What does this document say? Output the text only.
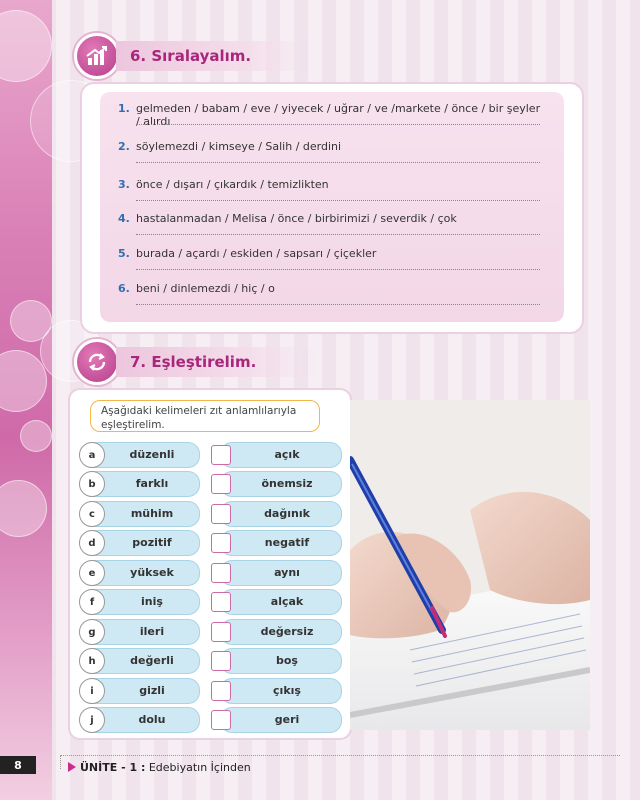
6. Sıralayalım.
1. gelmeden / babam / eve / yiyecek / uğrar / ve /markete / önce / bir şeyler / alırdı
2. söylemezdi / kimseye / Salih / derdini
3. önce / dışarı / çıkardık / temizlikten
4. hastalanmadan / Melisa / önce / birbirimizi / severdik / çok
5. burada / açardı / eskiden / sapsarı / çiçekler
6. beni / dinlemezdi / hiç / o
7. Eşleştirelim.
Aşağıdaki kelimeleri zıt anlamlılarıyla
eşleştirelim.
a	düzenli
b	farklı
c	mühim
d	pozitif
e	yüksek
f	iniş
g	ileri
h	değerli
i	gizli
j	dolu
açık
önemsiz
dağınık
negatif
aynı
alçak
değersiz
boş
çıkış
geri
8	ÜNİTE - 1 : Edebiyatın İçinden
